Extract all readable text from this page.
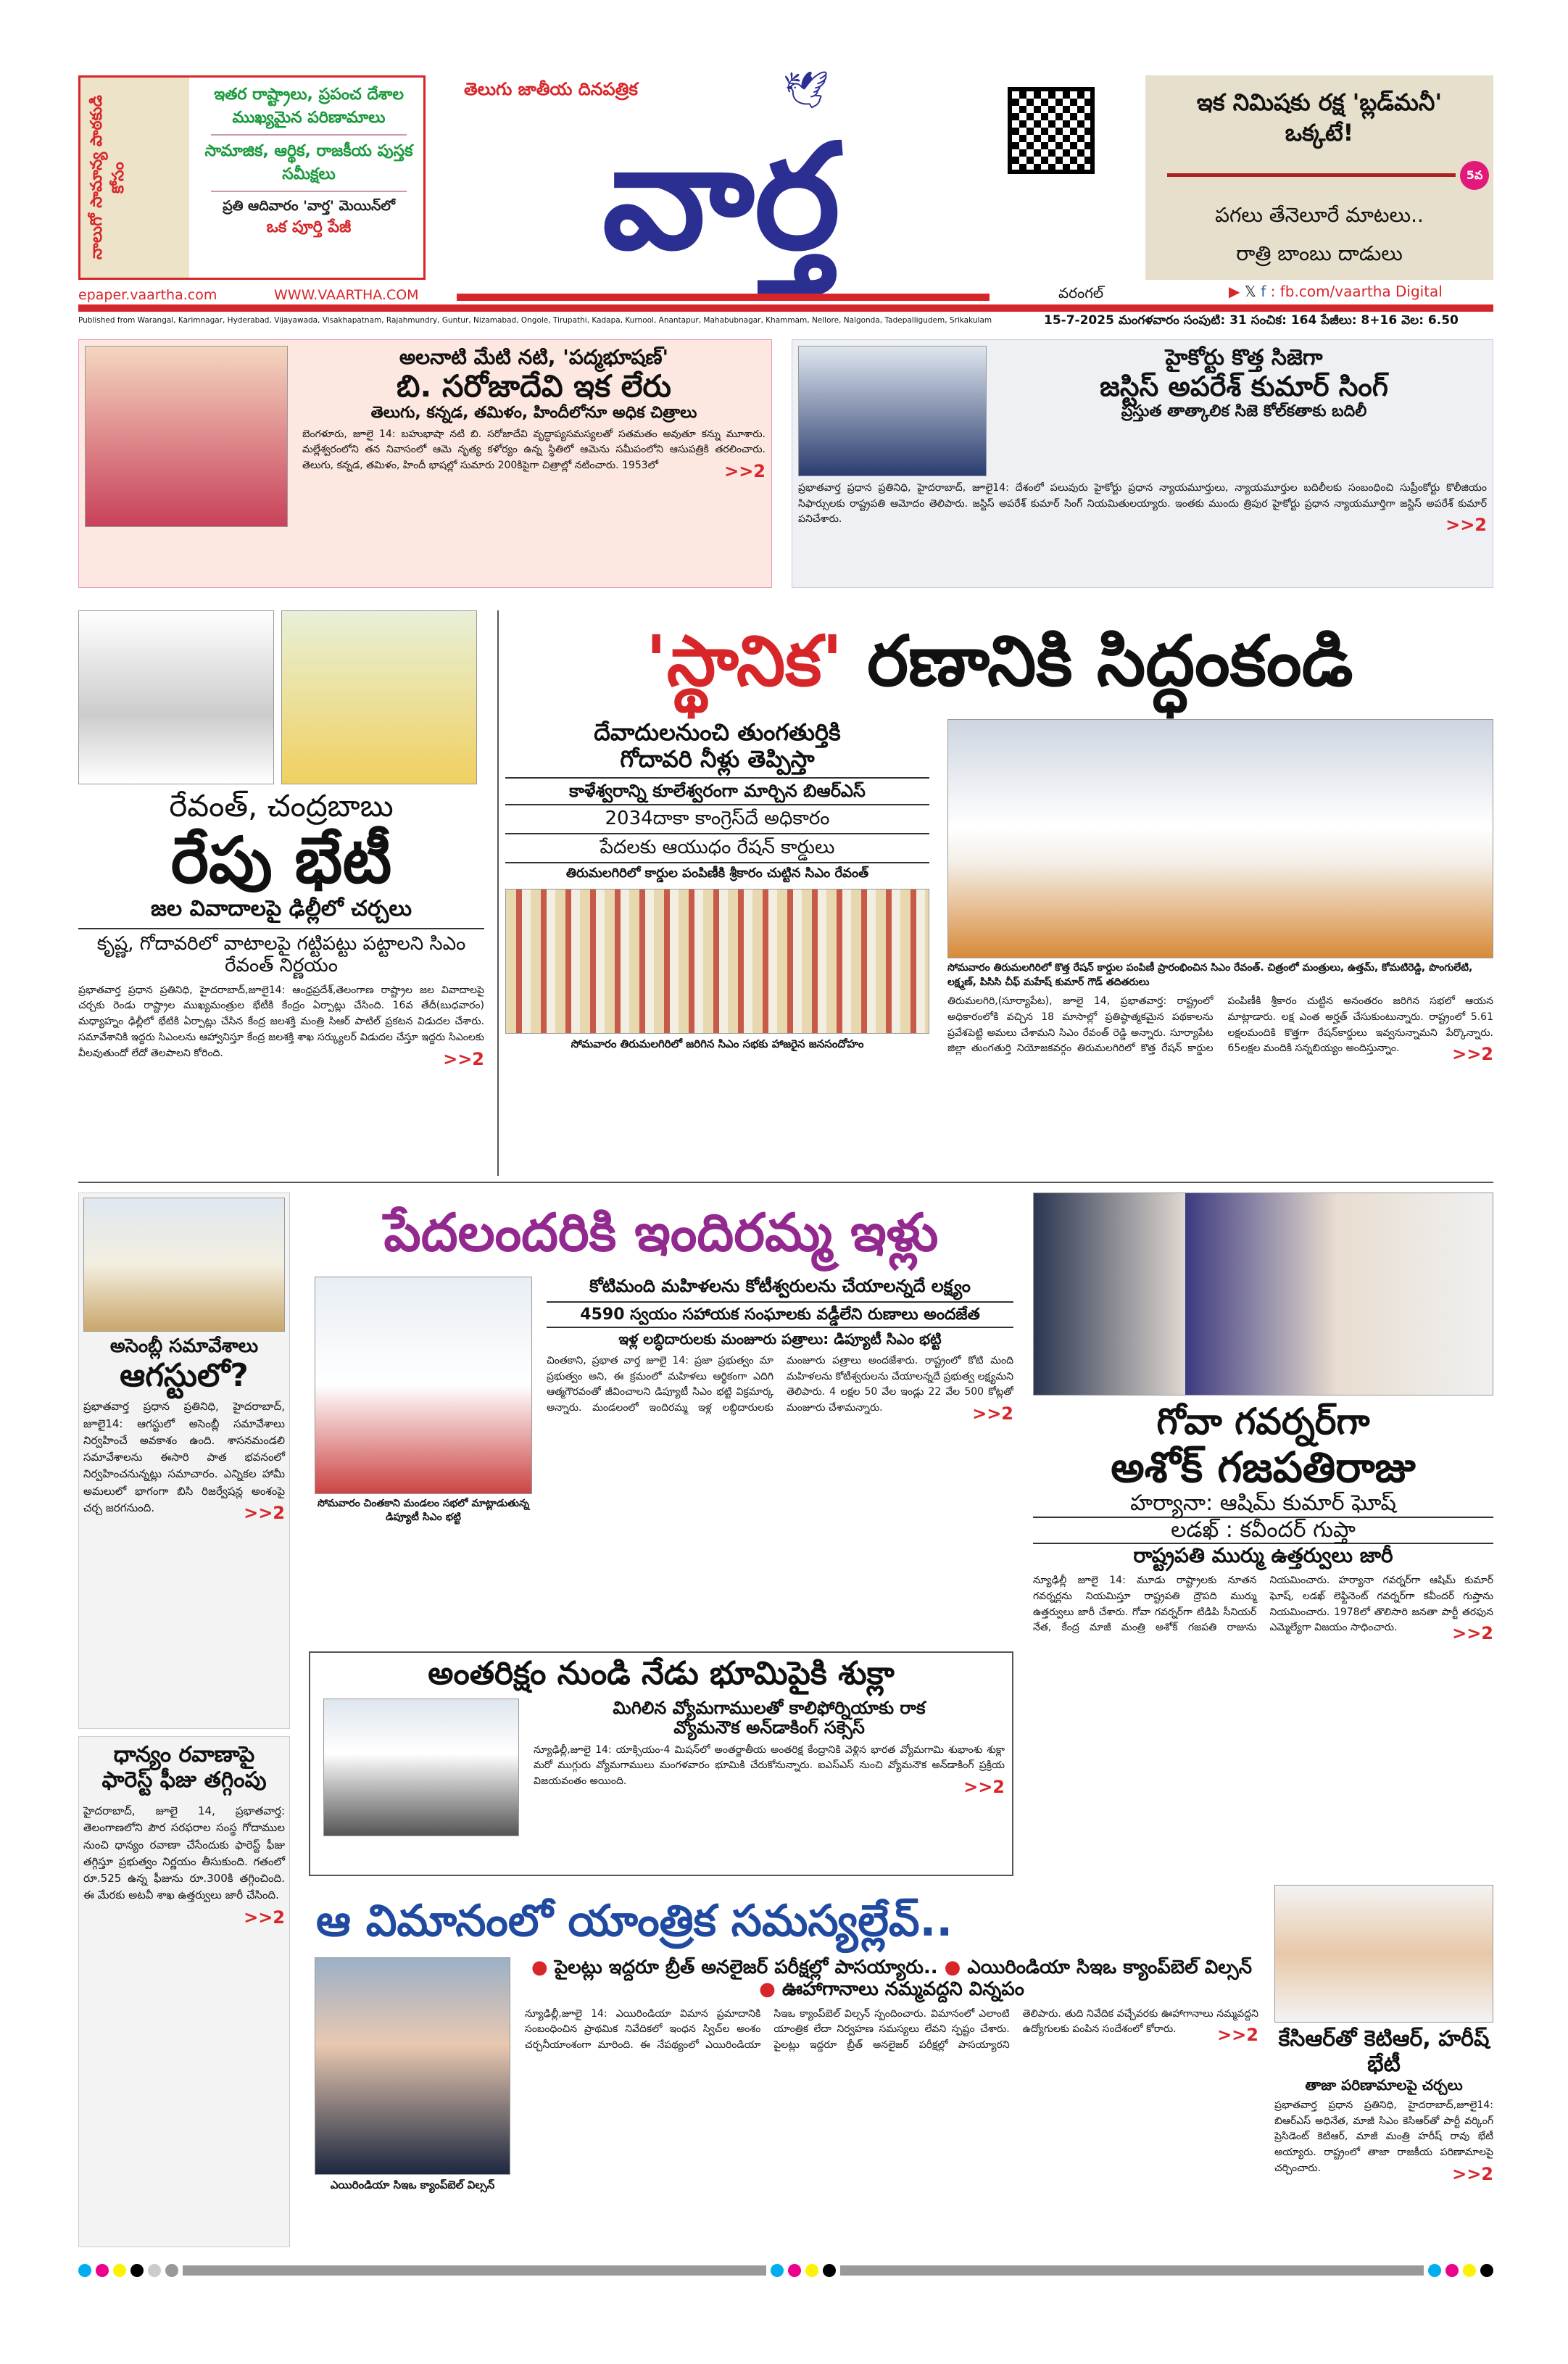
నాలుగో సామాన్య పాఠకుడి కోసం
ఇతర రాష్ట్రాలు, ప్రపంచ దేశాల ముఖ్యమైన పరిణామాలు
సామాజిక, ఆర్థిక, రాజకీయ పుస్తక సమీక్షలు
ప్రతి ఆదివారం 'వార్త' మెయిన్‌లో
ఒక పూర్తి పేజీ
epaper.vaartha.com	WWW.VAARTHA.COM
తెలుగు జాతీయ దినపత్రిక	🕊
వార్త
ఇక నిమిషకు రక్ష 'బ్లడ్‌మనీ' ఒక్కటే!
5వ
పగలు తేనెలూరే మాటలు..
రాత్రి బాంబు దాడులు
వరంగల్	▶ 𝕏 f : fb.com/vaartha Digital
Published from Warangal, Karimnagar, Hyderabad, Vijayawada, Visakhapatnam, Rajahmundry, Guntur, Nizamabad, Ongole, Tirupathi, Kadapa, Kurnool, Anantapur, Mahabubnagar, Khammam, Nellore, Nalgonda, Tadepalligudem, Srikakulam	15-7-2025 మంగళవారం సంపుటి: 31 సంచిక: 164 పేజీలు: 8+16 వెల: 6.50
అలనాటి మేటి నటి, 'పద్మభూషణ్'
బి. సరోజాదేవి ఇక లేరు
తెలుగు, కన్నడ, తమిళం, హిందీలోనూ అధిక చిత్రాలు
బెంగళూరు, జూలై 14: బహుభాషా నటి బి. సరోజాదేవి వృద్ధాప్యసమస్యలతో సతమతం అవుతూ కన్ను మూశారు. మల్లేశ్వరంలోని తన నివాసంలో ఆమె నృత్య కళోర్యం ఉన్న స్థితిలో ఆమెను సమీపంలోని ఆసుపత్రికి తరలించారు. తెలుగు, కన్నడ, తమిళం, హిందీ భాషల్లో సుమారు 200కిపైగా చిత్రాల్లో నటించారు. 1953లో	>>2
హైకోర్టు కొత్త సిజెగా
జస్టిస్ అపరేశ్ కుమార్ సింగ్
ప్రస్తుత తాత్కాలిక సిజె కోల్‌కతాకు బదిలీ
ప్రభాతవార్త ప్రధాన ప్రతినిధి, హైదరాబాద్, జూలై14: దేశంలో పలువురు హైకోర్టు ప్రధాన న్యాయమూర్తులు, న్యాయమూర్తుల బదిలీలకు సంబంధించి సుప్రీంకోర్టు కొలీజియం సిఫార్సులకు రాష్ట్రపతి ఆమోదం తెలిపారు. జస్టిస్ అపరేశ్ కుమార్ సింగ్ నియమితులయ్యారు. ఇంతకు ముందు త్రిపుర హైకోర్టు ప్రధాన న్యాయమూర్తిగా జస్టిస్ అపరేశ్ కుమార్ పనిచేశారు.	>>2
రేవంత్, చంద్రబాబు
రేపు భేటీ
జల వివాదాలపై ఢిల్లీలో చర్చలు
కృష్ణ, గోదావరిలో వాటాలపై గట్టిపట్టు పట్టాలని సిఎం రేవంత్ నిర్ణయం
ప్రభాతవార్త ప్రధాన ప్రతినిధి, హైదరాబాద్,జూలై14: ఆంధ్రప్రదేశ్,తెలంగాణ రాష్ట్రాల జల వివాదాలపై చర్చకు రెండు రాష్ట్రాల ముఖ్యమంత్రుల భేటీకి కేంద్రం ఏర్పాట్లు చేసింది. 16వ తేదీ(బుధవారం) మధ్యాహ్నం ఢిల్లీలో భేటికి ఏర్పాట్లు చేసిన కేంద్ర జలశక్తి మంత్రి సిఆర్ పాటిల్ ప్రకటన విడుదల చేశారు. సమావేశానికి ఇద్దరు సిఎంలను ఆహ్వానిస్తూ కేంద్ర జలశక్తి శాఖ సర్క్యులర్ విడుదల చేస్తూ ఇద్దరు సిఎంలకు వీలవుతుందో లేదో తెలపాలని కోరింది.	>>2
'స్థానిక' రణానికి సిద్ధంకండి
దేవాదులనుంచి తుంగతుర్తికి
గోదావరి నీళ్లు తెప్పిస్తా
కాళేశ్వరాన్ని కూలేశ్వరంగా మార్చిన బిఆర్ఎస్
2034దాకా కాంగ్రెస్‌దే అధికారం
పేదలకు ఆయుధం రేషన్ కార్డులు
తిరుమలగిరిలో కార్డుల పంపిణీకి శ్రీకారం చుట్టిన సిఎం రేవంత్
సోమవారం తిరుమలగిరిలో జరిగిన సిఎం సభకు హాజరైన జనసందోహం
సోమవారం తిరుమలగిరిలో కొత్త రేషన్ కార్డుల పంపిణీ ప్రారంభించిన సిఎం రేవంత్. చిత్రంలో మంత్రులు, ఉత్తమ్, కోమటిరెడ్డి, పొంగులేటి, లక్ష్మణ్, పిసిసి చీఫ్ మహేష్ కుమార్ గౌడ్ తదితరులు
తిరుమలగిరి,(సూర్యాపేట), జూలై 14, ప్రభాతవార్త: రాష్ట్రంలో అధికారంలోకి వచ్చిన 18 మాసాల్లో ప్రతిష్ఠాత్మకమైన పథకాలను ప్రవేశపెట్టి అమలు చేశామని సిఎం రేవంత్ రెడ్డి అన్నారు. సూర్యాపేట జిల్లా తుంగతుర్తి నియోజకవర్గం తిరుమలగిరిలో కొత్త రేషన్ కార్డుల పంపిణీకి శ్రీకారం చుట్టిన అనంతరం జరిగిన సభలో ఆయన మాట్లాడారు. లక్ష ఎంత అర్హత్ చేసుకుంటున్నారు. రాష్ట్రంలో 5.61 లక్షలమందికి కొత్తగా రేషన్‌కార్డులు ఇవ్వనున్నామని పేర్కొన్నారు. 65లక్షల మందికి సన్నబియ్యం అందిస్తున్నాం.	>>2
అసెంబ్లీ సమావేశాలు
ఆగస్టులో?
ప్రభాతవార్త ప్రధాన ప్రతినిధి, హైదరాబాద్, జూలై14: ఆగస్టులో అసెంబ్లీ సమావేశాలు నిర్వహించే అవకాశం ఉంది. శాసనమండలి సమావేశాలను ఈసారి పాత భవనంలో నిర్వహించనున్నట్లు సమాచారం. ఎన్నికల హామీ అమలులో భాగంగా బిసి రిజర్వేషన్ల అంశంపై చర్చ జరగనుంది.	>>2
ధాన్యం రవాణాపై ఫారెస్ట్ ఫీజు తగ్గింపు
హైదరాబాద్, జూలై 14, ప్రభాతవార్త: తెలంగాణలోని పౌర సరఫరాల సంస్థ గోదాముల నుంచి ధాన్యం రవాణా చేసేందుకు ఫారెస్ట్ ఫీజు తగ్గిస్తూ ప్రభుత్వం నిర్ణయం తీసుకుంది. గతంలో రూ.525 ఉన్న ఫీజును రూ.300కి తగ్గించింది. ఈ మేరకు అటవీ శాఖ ఉత్తర్వులు జారీ చేసింది.
>>2
పేదలందరికి ఇందిరమ్మ ఇళ్లు
సోమవారం చింతకాని మండలం సభలో మాట్లాడుతున్న డిప్యూటీ సిఎం భట్టి
కోటిమంది మహిళలను కోటీశ్వరులను చేయాలన్నదే లక్ష్యం
4590 స్వయం సహాయక సంఘాలకు వడ్డీలేని రుణాలు అందజేత
ఇళ్ల లబ్ధిదారులకు మంజూరు పత్రాలు: డిప్యూటీ సిఎం భట్టి
చింతకాని, ప్రభాత వార్త జూలై 14: ప్రజా ప్రభుత్వం మా ప్రభుత్వం అని, ఈ క్రమంలో మహిళలు ఆర్థికంగా ఎదిగి ఆత్మగౌరవంతో జీవించాలని డిప్యూటీ సిఎం భట్టి విక్రమార్క అన్నారు. మండలంలో ఇందిరమ్మ ఇళ్ల లబ్ధిదారులకు మంజూరు పత్రాలు అందజేశారు. రాష్ట్రంలో కోటి మంది మహిళలను కోటీశ్వరులను చేయాలన్నదే ప్రభుత్వ లక్ష్యమని తెలిపారు. 4 లక్షల 50 వేల ఇండ్లు 22 వేల 500 కోట్లతో మంజూరు చేశామన్నారు.	>>2
అంతరిక్షం నుండి నేడు భూమిపైకి శుక్లా
మిగిలిన వ్యోమగాములతో కాలిఫోర్నియాకు రాక
వ్యోమనౌక అన్‌డాకింగ్ సక్సెస్
న్యూఢిల్లీ,జూలై 14: యాక్సియం-4 మిషన్‌లో అంతర్జాతీయ అంతరిక్ష కేంద్రానికి వెళ్లిన భారత వ్యోమగామి శుభాంశు శుక్లా మరో ముగ్గురు వ్యోమగాములు మంగళవారం భూమికి చేరుకోనున్నారు. ఐఎస్ఎస్ నుంచి వ్యోమనౌక అన్‌డాకింగ్ ప్రక్రియ విజయవంతం అయింది.	>>2
గోవా గవర్నర్‌గా
అశోక్ గజపతిరాజు
హర్యానా: ఆషిమ్ కుమార్ ఘోష్
లడఖ్ : కవీందర్ గుప్తా
రాష్ట్రపతి ముర్ము ఉత్తర్వులు జారీ
న్యూఢిల్లీ జూలై 14: మూడు రాష్ట్రాలకు నూతన గవర్నర్లను నియమిస్తూ రాష్ట్రపతి ద్రౌపది ముర్ము ఉత్తర్వులు జారీ చేశారు. గోవా గవర్నర్‌గా టిడిపి సీనియర్ నేత, కేంద్ర మాజీ మంత్రి అశోక్ గజపతి రాజును నియమించారు. హర్యానా గవర్నర్‌గా ఆషిమ్ కుమార్ ఘోష్, లడఖ్ లెఫ్టినెంట్ గవర్నర్‌గా కవీందర్ గుప్తాను నియమించారు. 1978లో తొలిసారి జనతా పార్టీ తరఫున ఎమ్మెల్యేగా విజయం సాధించారు.	>>2
ఆ విమానంలో యాంత్రిక సమస్యల్లేవ్..
ఎయిరిండియా సిఇఒ క్యాంప్‌బెల్ విల్సన్
● పైలట్లు ఇద్దరూ బ్రీత్ అనలైజర్ పరీక్షల్లో పాసయ్యారు.. ● ఎయిరిండియా సిఇఒ క్యాంప్‌బెల్ విల్సన్ ● ఊహాగానాలు నమ్మవద్దని విన్నపం
న్యూఢిల్లీ,జూలై 14: ఎయిరిండియా విమాన ప్రమాదానికి సంబంధించిన ప్రాథమిక నివేదికలో ఇంధన స్విచ్‌ల అంశం చర్చనీయాంశంగా మారింది. ఈ నేపథ్యంలో ఎయిరిండియా సిఇఒ క్యాంప్‌బెల్ విల్సన్ స్పందించారు. విమానంలో ఎలాంటి యాంత్రిక లేదా నిర్వహణ సమస్యలు లేవని స్పష్టం చేశారు. పైలట్లు ఇద్దరూ బ్రీత్ అనలైజర్ పరీక్షల్లో పాసయ్యారని తెలిపారు. తుది నివేదిక వచ్చేవరకు ఊహాగానాలు నమ్మవద్దని ఉద్యోగులకు పంపిన సందేశంలో కోరారు. >>2 కేసిఆర్‌తో కెటిఆర్, హరీష్ భేటీ
తాజా పరిణామాలపై చర్చలు
ప్రభాతవార్త ప్రధాన ప్రతినిధి, హైదరాబాద్,జూలై14: బిఆర్ఎస్ అధినేత, మాజీ సిఎం కెసిఆర్‌తో పార్టీ వర్కింగ్ ప్రెసిడెంట్ కెటిఆర్, మాజీ మంత్రి హరీష్ రావు భేటీ అయ్యారు. రాష్ట్రంలో తాజా రాజకీయ పరిణామాలపై చర్చించారు.	>>2
